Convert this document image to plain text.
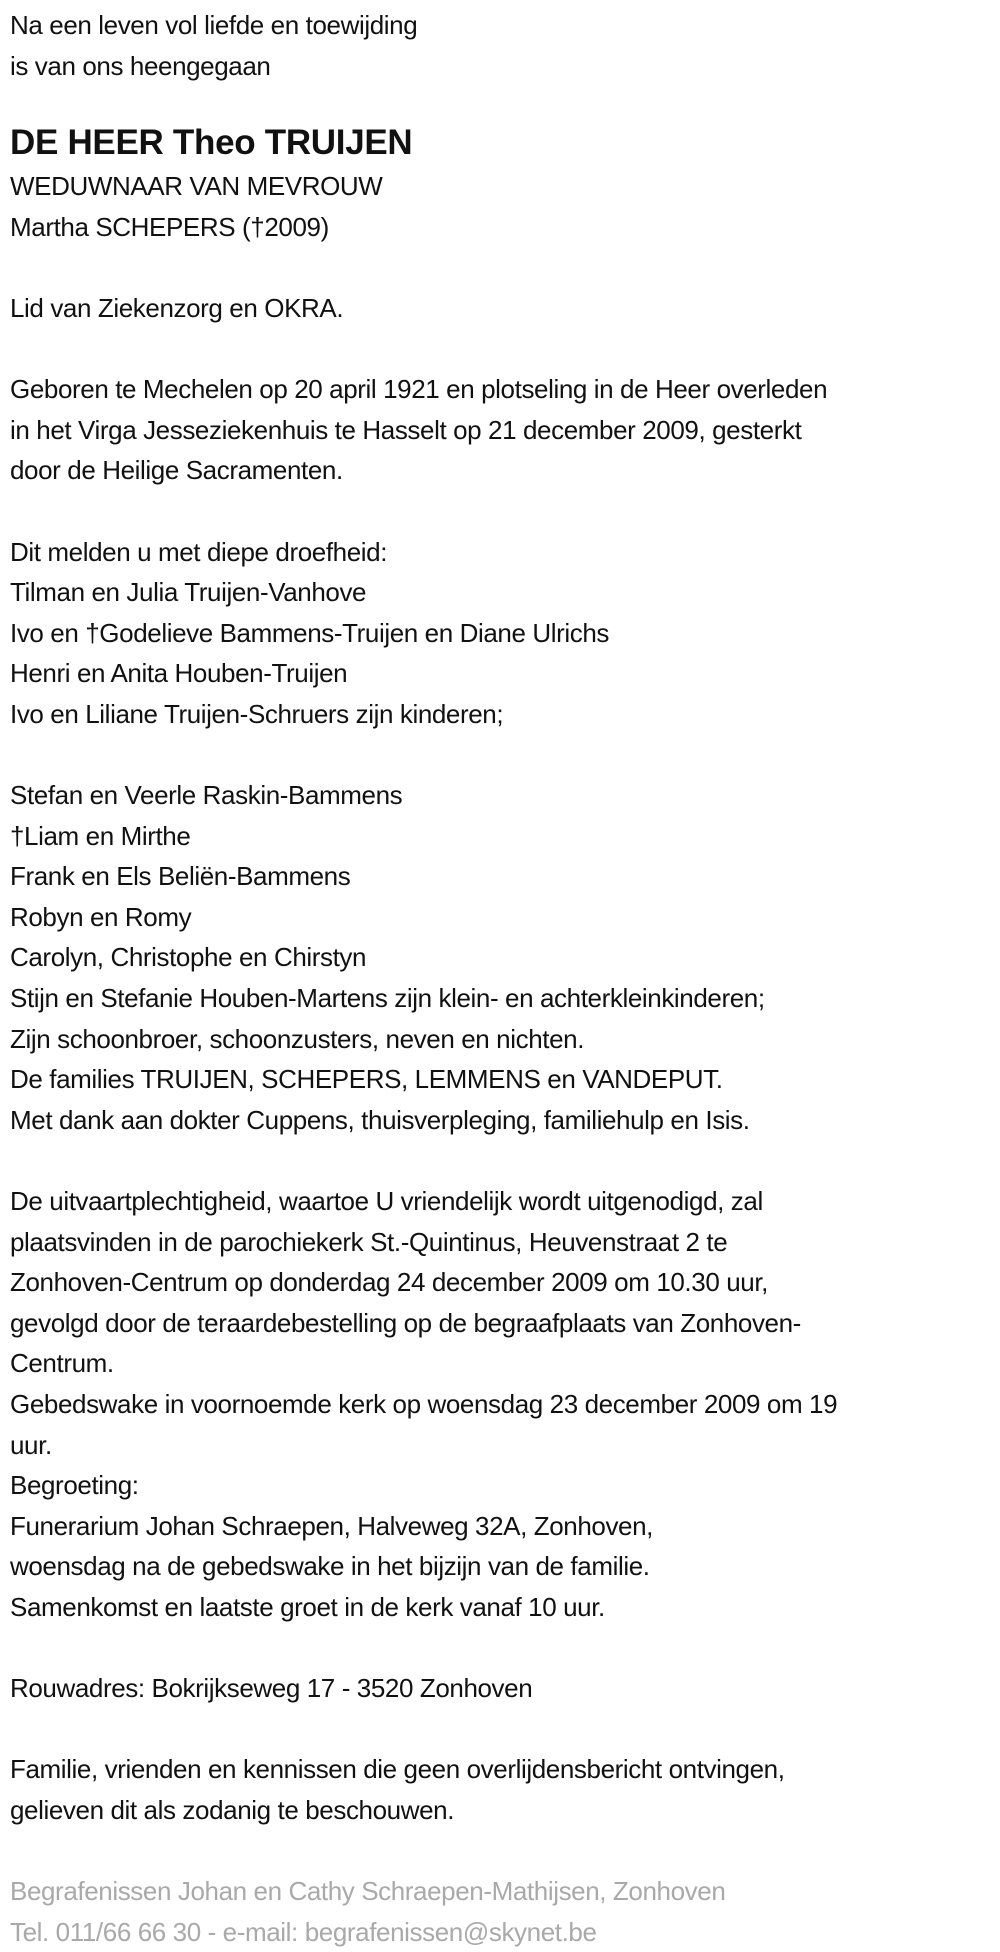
Na een leven vol liefde en toewijding
is van ons heengegaan
DE HEER Theo TRUIJEN
WEDUWNAAR VAN MEVROUW
Martha SCHEPERS (†2009)
Lid van Ziekenzorg en OKRA.
Geboren te Mechelen op 20 april 1921 en plotseling in de Heer overleden
in het Virga Jesseziekenhuis te Hasselt op 21 december 2009, gesterkt
door de Heilige Sacramenten.
Dit melden u met diepe droefheid:
Tilman en Julia Truijen-Vanhove
Ivo en †Godelieve Bammens-Truijen en Diane Ulrichs
Henri en Anita Houben-Truijen
Ivo en Liliane Truijen-Schruers zijn kinderen;
Stefan en Veerle Raskin-Bammens
†Liam en Mirthe
Frank en Els Beliën-Bammens
Robyn en Romy
Carolyn, Christophe en Chirstyn
Stijn en Stefanie Houben-Martens zijn klein- en achterkleinkinderen;
Zijn schoonbroer, schoonzusters, neven en nichten.
De families TRUIJEN, SCHEPERS, LEMMENS en VANDEPUT.
Met dank aan dokter Cuppens, thuisverpleging, familiehulp en Isis.
De uitvaartplechtigheid, waartoe U vriendelijk wordt uitgenodigd, zal
plaatsvinden in de parochiekerk St.-Quintinus, Heuvenstraat 2 te
Zonhoven-Centrum op donderdag 24 december 2009 om 10.30 uur,
gevolgd door de teraardebestelling op de begraafplaats van Zonhoven-
Centrum.
Gebedswake in voornoemde kerk op woensdag 23 december 2009 om 19
uur.
Begroeting:
Funerarium Johan Schraepen, Halveweg 32A, Zonhoven,
woensdag na de gebedswake in het bijzijn van de familie.
Samenkomst en laatste groet in de kerk vanaf 10 uur.
Rouwadres: Bokrijkseweg 17 - 3520 Zonhoven
Familie, vrienden en kennissen die geen overlijdensbericht ontvingen,
gelieven dit als zodanig te beschouwen.
Begrafenissen Johan en Cathy Schraepen-Mathijsen, Zonhoven
Tel. 011/66 66 30 - e-mail: begrafenissen@skynet.be
